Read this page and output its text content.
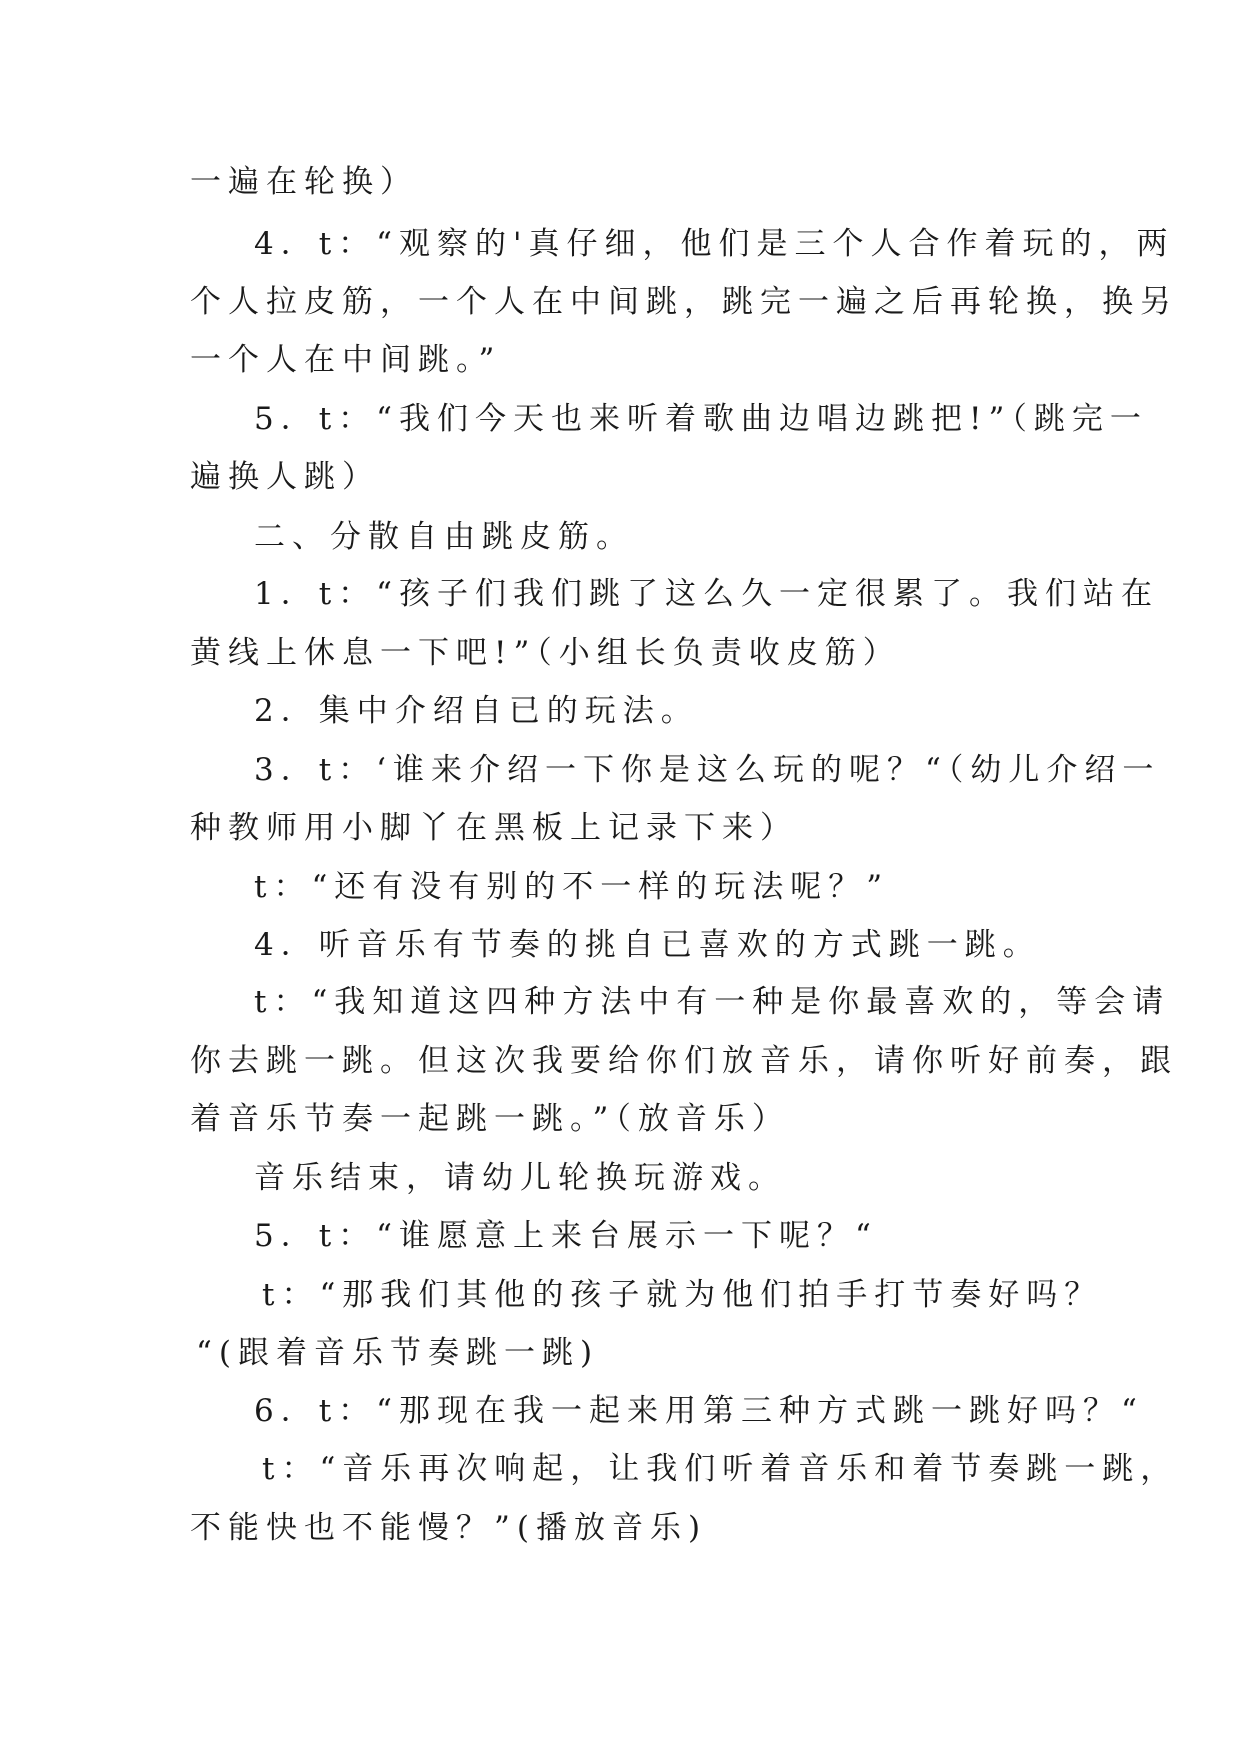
一遍在轮换）
4．t：“观察的'真仔细，他们是三个人合作着玩的，两
个人拉皮筋，一个人在中间跳，跳完一遍之后再轮换，换另
一个人在中间跳。”
5．t：“我们今天也来听着歌曲边唱边跳把!”（跳完一
遍换人跳）
二、分散自由跳皮筋。
1．t：“孩子们我们跳了这么久一定很累了。我们站在
黄线上休息一下吧!”（小组长负责收皮筋）
2．集中介绍自已的玩法。
3．t：‘谁来介绍一下你是这么玩的呢？“（幼儿介绍一
种教师用小脚丫在黑板上记录下来）
t：“还有没有别的不一样的玩法呢？”
4．听音乐有节奏的挑自已喜欢的方式跳一跳。
t：“我知道这四种方法中有一种是你最喜欢的，等会请
你去跳一跳。但这次我要给你们放音乐，请你听好前奏，跟
着音乐节奏一起跳一跳。”（放音乐）
音乐结束，请幼儿轮换玩游戏。
5．t：“谁愿意上来台展示一下呢？“
t：“那我们其他的孩子就为他们拍手打节奏好吗？
“(跟着音乐节奏跳一跳)
6．t：“那现在我一起来用第三种方式跳一跳好吗？“
t：“音乐再次响起，让我们听着音乐和着节奏跳一跳，
不能快也不能慢？”(播放音乐)
